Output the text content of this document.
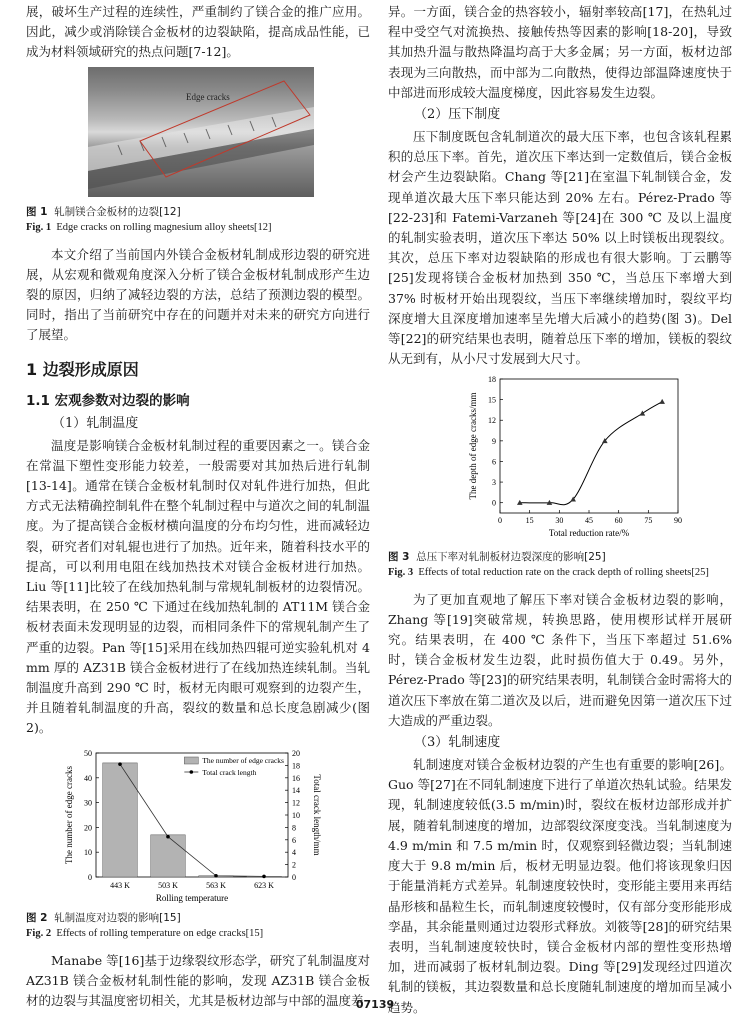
展，破坏生产过程的连续性，严重制约了镁合金的推广应用。因此，减少或消除镁合金板材的边裂缺陷，提高成品性能，已成为材料领域研究的热点问题[7-12]。

Edge cracks
图 1 轧制镁合金板材的边裂[12]
Fig. 1 Edge cracks on rolling magnesium alloy sheets[12]

本文介绍了当前国内外镁合金板材轧制成形边裂的研究进展，从宏观和微观角度深入分析了镁合金板材轧制成形产生边裂的原因，归纳了减轻边裂的方法，总结了预测边裂的模型。同时，指出了当前研究中存在的问题并对未来的研究方向进行了展望。

1 边裂形成原因
1.1 宏观参数对边裂的影响
（1）轧制温度

温度是影响镁合金板材轧制过程的重要因素之一。镁合金在常温下塑性变形能力较差，一般需要对其加热后进行轧制[13-14]。通常在镁合金板材轧制时仅对轧件进行加热，但此方式无法精确控制轧件在整个轧制过程中与道次之间的轧制温度。为了提高镁合金板材横向温度的分布均匀性，进而减轻边裂，研究者们对轧辊也进行了加热。近年来，随着科技水平的提高，可以利用电阻在线加热技术对镁合金板材进行加热。Liu 等[11]比较了在线加热轧制与常规轧制板材的边裂情况。结果表明，在 250 ℃ 下通过在线加热轧制的 AT11M 镁合金板材表面未发现明显的边裂，而相同条件下的常规轧制产生了严重的边裂。Pan 等[15]采用在线加热四辊可逆实验轧机对 4 mm 厚的 AZ31B 镁合金板材进行了在线加热连续轧制。当轧制温度升高到 290 ℃ 时，板材无肉眼可观察到的边裂产生，并且随着轧制温度的升高，裂纹的数量和总长度急剧减少(图 2)。

0
10
20
30
40
50
0
2
4
6
8
10
12
14
16
18
20
443 K	503 K	563 K	623 K
Rolling temperature
The number of edge cracks	Total crack length/mm
The number of edge cracks
Total crack length
图 2 轧制温度对边裂的影响[15]
Fig. 2 Effects of rolling temperature on edge cracks[15]

Manabe 等[16]基于边缘裂纹形态学，研究了轧制温度对 AZ31B 镁合金板材轧制性能的影响，发现 AZ31B 镁合金板材的边裂与其温度密切相关，尤其是板材边部与中部的温度差

异。一方面，镁合金的热容较小，辐射率较高[17]，在热轧过程中受空气对流换热、接触传热等因素的影响[18-20]，导致其加热升温与散热降温均高于大多金属；另一方面，板材边部表现为三向散热，而中部为二向散热，使得边部温降速度快于中部进而形成较大温度梯度，因此容易发生边裂。

（2）压下制度

压下制度既包含轧制道次的最大压下率，也包含该轧程累积的总压下率。首先，道次压下率达到一定数值后，镁合金板材会产生边裂缺陷。Chang 等[21]在室温下轧制镁合金，发现单道次最大压下率只能达到 20% 左右。Pérez-Prado 等[22-23]和 Fatemi-Varzaneh 等[24]在 300 ℃ 及以上温度的轧制实验表明，道次压下率达 50% 以上时镁板出现裂纹。其次，总压下率对边裂缺陷的形成也有很大影响。丁云鹏等[25]发现将镁合金板材加热到 350 ℃，当总压下率增大到 37% 时板材开始出现裂纹，当压下率继续增加时，裂纹平均深度增大且深度增加速率呈先增大后减小的趋势(图 3)。Del 等[22]的研究结果也表明，随着总压下率的增加，镁板的裂纹从无到有，从小尺寸发展到大尺寸。

0	15	30	45	60	75	90
0
3
6
9
12
15
18
Total reduction rate/%
The depth of edge cracks/mm
图 3 总压下率对轧制板材边裂深度的影响[25]
Fig. 3 Effects of total reduction rate on the crack depth of rolling sheets[25]

为了更加直观地了解压下率对镁合金板材边裂的影响，Zhang 等[19]突破常规，转换思路，使用楔形试样开展研究。结果表明，在 400 ℃ 条件下，当压下率超过 51.6% 时，镁合金板材发生边裂，此时损伤值大于 0.49。另外，Pérez-Prado 等[23]的研究结果表明，轧制镁合金时需将大的道次压下率放在第二道次及以后，进而避免因第一道次压下过大造成的严重边裂。

（3）轧制速度

轧制速度对镁合金板材边裂的产生也有重要的影响[26]。Guo 等[27]在不同轧制速度下进行了单道次热轧试验。结果发现，轧制速度较低(3.5 m/min)时，裂纹在板材边部形成并扩展，随着轧制速度的增加，边部裂纹深度变浅。当轧制速度为 4.9 m/min 和 7.5 m/min 时，仅观察到轻微边裂；当轧制速度大于 9.8 m/min 后，板材无明显边裂。他们将该现象归因于能量消耗方式差异。轧制速度较快时，变形能主要用来再结晶形核和晶粒生长，而轧制速度较慢时，仅有部分变形能形成孪晶，其余能量则通过边裂形式释放。刘筱等[28]的研究结果表明，当轧制速度较快时，镁合金板材内部的塑性变形热增加，进而减弱了板材轧制边裂。Ding 等[29]发现经过四道次轧制的镁板，其边裂数量和总长度随轧制速度的增加而呈减小趋势。

07139
